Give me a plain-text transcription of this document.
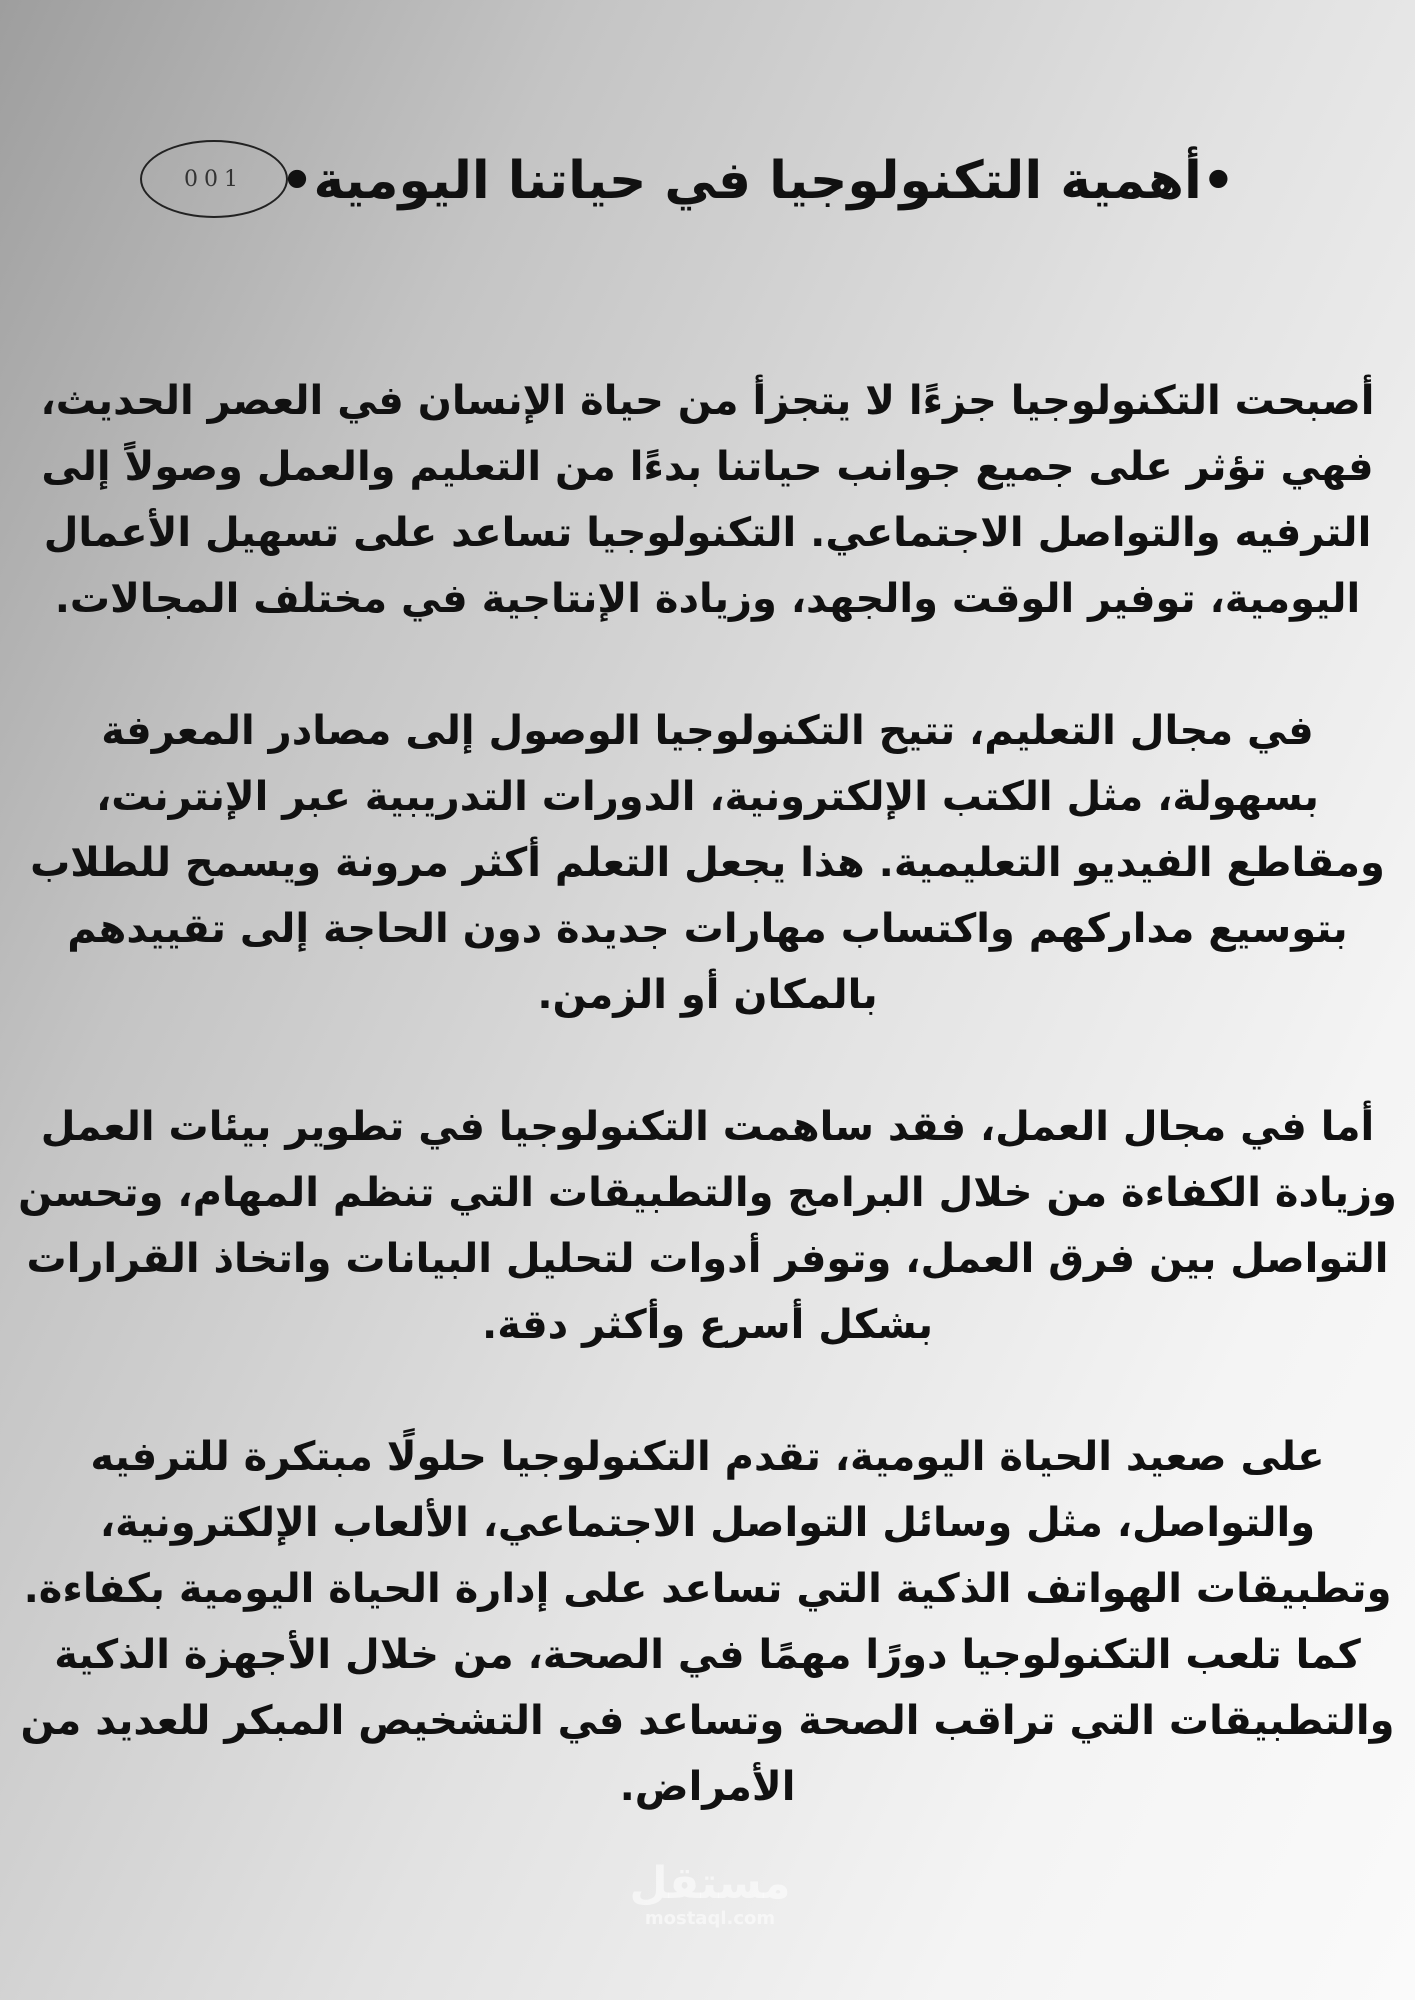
001 •أهمية التكنولوجيا في حياتنا اليومية•

أصبحت التكنولوجيا جزءًا لا يتجزأ من حياة الإنسان في العصر الحديث، فهي تؤثر على جميع جوانب حياتنا بدءًا من التعليم والعمل وصولاً إلى الترفيه والتواصل الاجتماعي. التكنولوجيا تساعد على تسهيل الأعمال اليومية، توفير الوقت والجهد، وزيادة الإنتاجية في مختلف المجالات.

في مجال التعليم، تتيح التكنولوجيا الوصول إلى مصادر المعرفة بسهولة، مثل الكتب الإلكترونية، الدورات التدريبية عبر الإنترنت، ومقاطع الفيديو التعليمية. هذا يجعل التعلم أكثر مرونة ويسمح للطلاب بتوسيع مداركهم واكتساب مهارات جديدة دون الحاجة إلى تقييدهم بالمكان أو الزمن.

أما في مجال العمل، فقد ساهمت التكنولوجيا في تطوير بيئات العمل وزيادة الكفاءة من خلال البرامج والتطبيقات التي تنظم المهام، وتحسن التواصل بين فرق العمل، وتوفر أدوات لتحليل البيانات واتخاذ القرارات بشكل أسرع وأكثر دقة.

على صعيد الحياة اليومية، تقدم التكنولوجيا حلولًا مبتكرة للترفيه والتواصل، مثل وسائل التواصل الاجتماعي، الألعاب الإلكترونية، وتطبيقات الهواتف الذكية التي تساعد على إدارة الحياة اليومية بكفاءة. كما تلعب التكنولوجيا دورًا مهمًا في الصحة، من خلال الأجهزة الذكية والتطبيقات التي تراقب الصحة وتساعد في التشخيص المبكر للعديد من الأمراض.

مستقل
mostaql.com
